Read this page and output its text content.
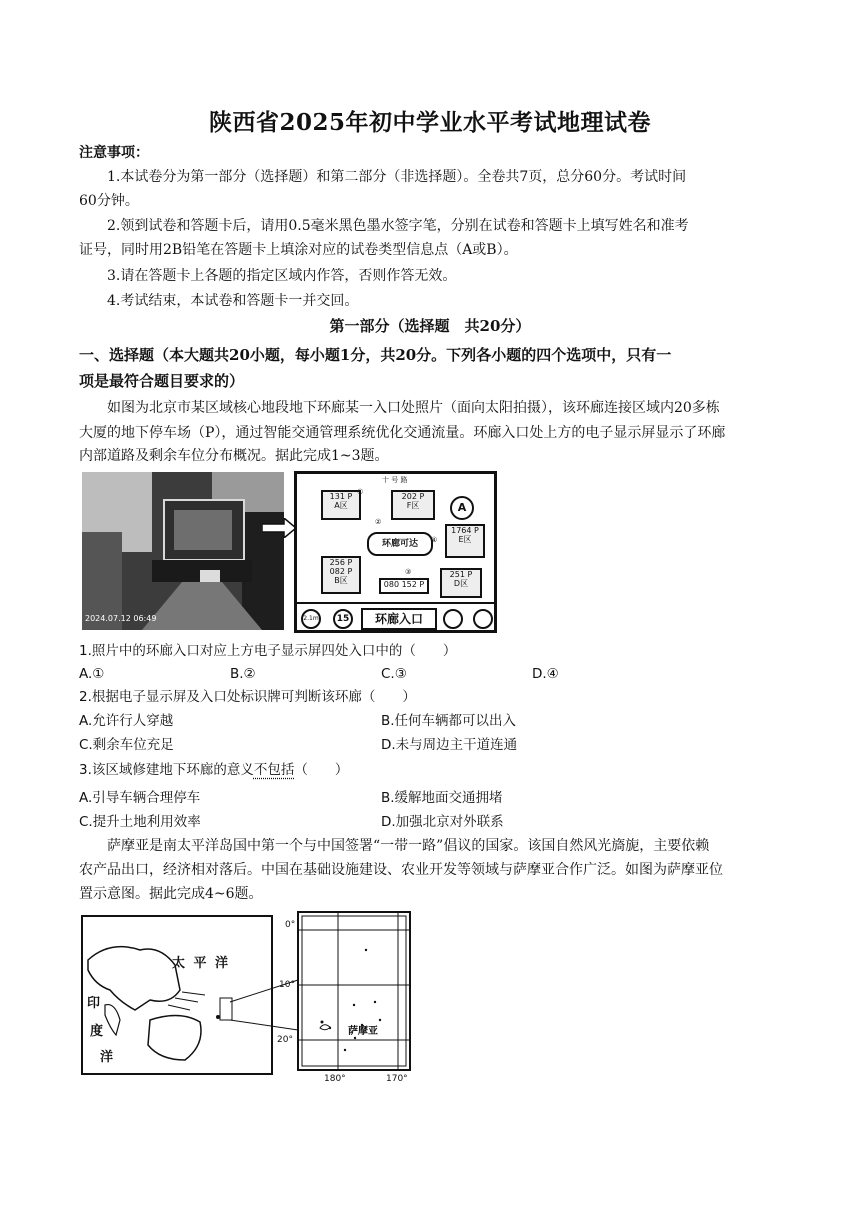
陕西省2025年初中学业水平考试地理试卷
注意事项：
1.本试卷分为第一部分（选择题）和第二部分（非选择题）。全卷共7页，总分60分。考试时间
60分钟。
2.领到试卷和答题卡后，请用0.5毫米黑色墨水签字笔，分别在试卷和答题卡上填写姓名和准考
证号，同时用2B铅笔在答题卡上填涂对应的试卷类型信息点（A或B）。
3.请在答题卡上各题的指定区域内作答，否则作答无效。
4.考试结束，本试卷和答题卡一并交回。
第一部分（选择题　共20分）
一、选择题（本大题共20小题，每小题1分，共20分。下列各小题的四个选项中，只有一
项是最符合题目要求的）
如图为北京市某区域核心地段地下环廊某一入口处照片（面向太阳拍摄），该环廊连接区域内20多栋
大厦的地下停车场（P），通过智能交通管理系统优化交通流量。环廊入口处上方的电子显示屏显示了环廊
内部道路及剩余车位分布概况。据此完成1~3题。
2024.07.12 06:49
十 号 路
131 P
A区
202 P
F区	A
1764 P
E区
256 P
082 P
B区
环廊可达
251 P
D区
080 152 P
①
②
③
④
2.1m	15	环廊入口
1.照片中的环廊入口对应上方电子显示屏四处入口中的（　　）
A.①	B.②	C.③	D.④
2.根据电子显示屏及入口处标识牌可判断该环廊（　　）
A.允许行人穿越	B.任何车辆都可以出入
C.剩余车位充足	D.未与周边主干道连通
3.该区域修建地下环廊的意义不包括（　　）
A.引导车辆合理停车	B.缓解地面交通拥堵
C.提升土地利用效率	D.加强北京对外联系
萨摩亚是南太平洋岛国中第一个与中国签署“一带一路”倡议的国家。该国自然风光旖旎，主要依赖
农产品出口，经济相对落后。中国在基础设施建设、农业开发等领域与萨摩亚合作广泛。如图为萨摩亚位
置示意图。据此完成4~6题。
太 平 洋
印
度
洋
0°
10°
20°
180°	170°
萨摩亚
